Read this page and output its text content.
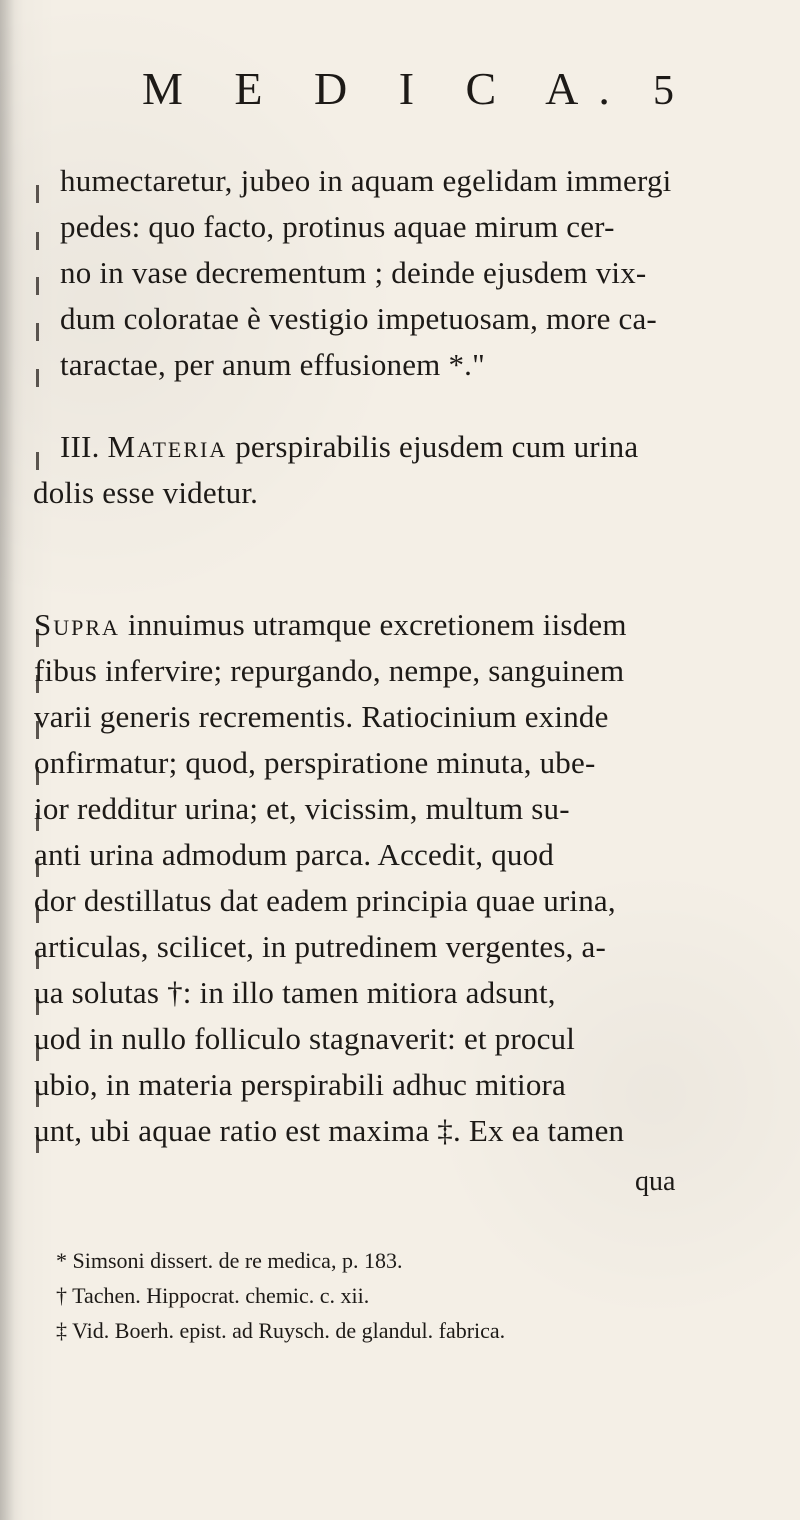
M E D I C A. 5
humectaretur, jubeo in aquam egelidam immergi
pedes: quo facto, protinus aquae mirum cer-
no in vase decrementum ; deinde ejusdem vix-
dum coloratae è vestigio impetuosam, more ca-
taractae, per anum effusionem *."
III. Materia perspirabilis ejusdem cum urina
dolis esse videtur.
Supra innuimus utramque excretionem iisdem
fibus infervire; repurgando, nempe, sanguinem
varii generis recrementis. Ratiocinium exinde
onfirmatur; quod, perspiratione minuta, ube-
ior redditur urina; et, vicissim, multum su-
anti urina admodum parca. Accedit, quod
dor destillatus dat eadem principia quae urina,
articulas, scilicet, in putredinem vergentes, a-
ua solutas †: in illo tamen mitiora adsunt,
uod in nullo folliculo stagnaverit: et procul
ubio, in materia perspirabili adhuc mitiora
unt, ubi aquae ratio est maxima ‡. Ex ea tamen
qua
* Simsoni dissert. de re medica, p. 183.
† Tachen. Hippocrat. chemic. c. xii.
‡ Vid. Boerh. epist. ad Ruysch. de glandul. fabrica.
